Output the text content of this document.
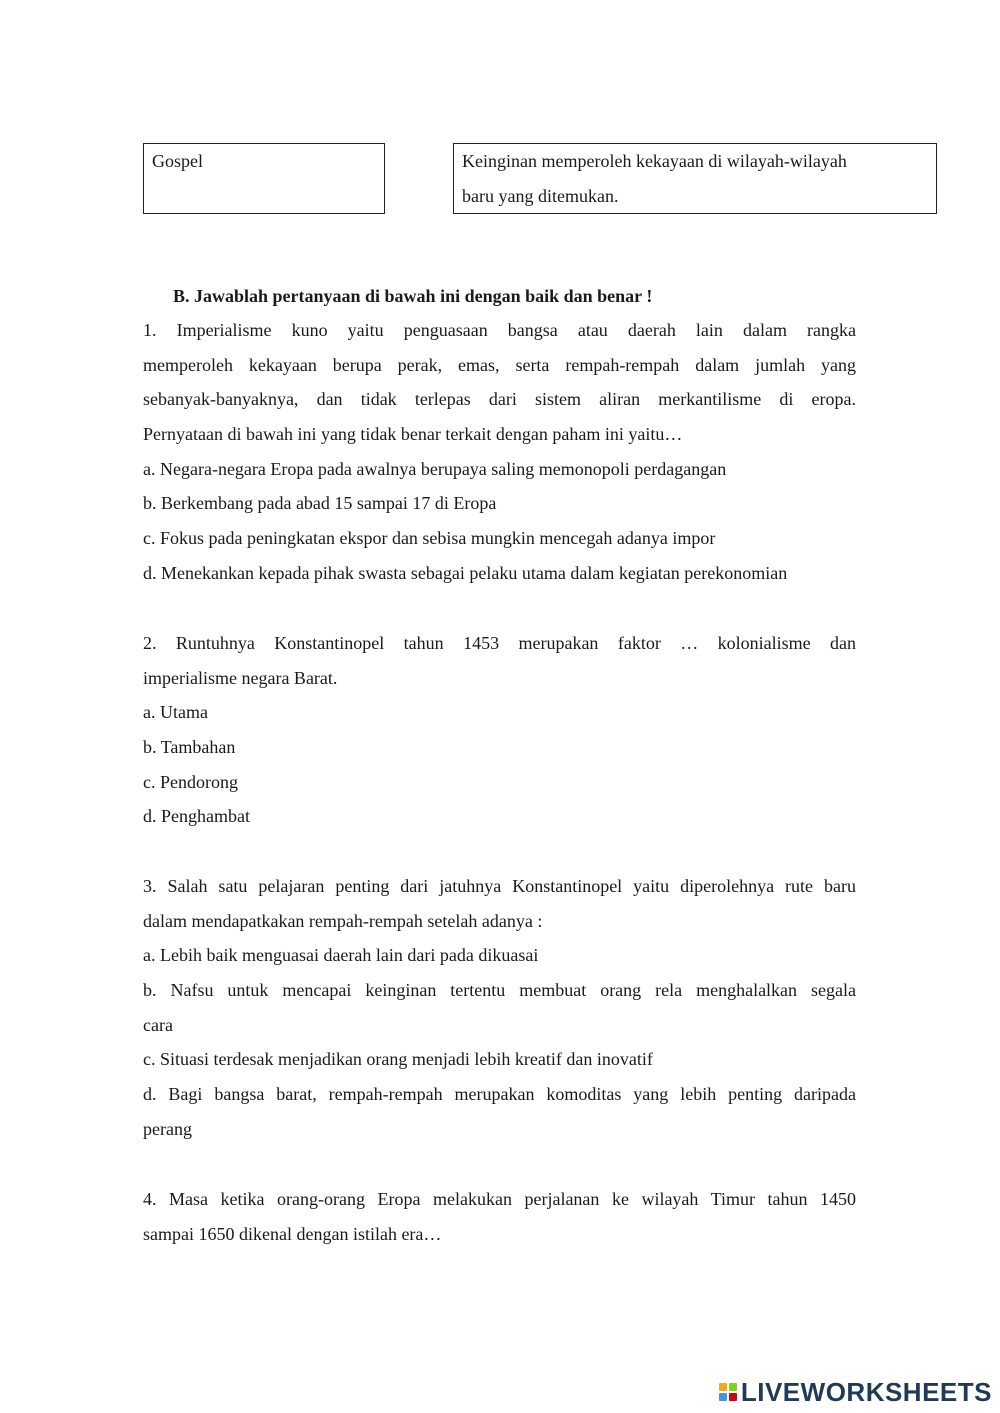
Gospel	Keinginan memperoleh kekayaan di wilayah-wilayah
baru yang ditemukan.
B. Jawablah pertanyaan di bawah ini dengan baik dan benar !
1. Imperialisme kuno yaitu penguasaan bangsa atau daerah lain dalam rangka
memperoleh kekayaan berupa perak, emas, serta rempah-rempah dalam jumlah yang
sebanyak-banyaknya, dan tidak terlepas dari sistem aliran merkantilisme di eropa.
Pernyataan di bawah ini yang tidak benar terkait dengan paham ini yaitu…
a. Negara-negara Eropa pada awalnya berupaya saling memonopoli perdagangan
b. Berkembang pada abad 15 sampai 17 di Eropa
c. Fokus pada peningkatan ekspor dan sebisa mungkin mencegah adanya impor
d. Menekankan kepada pihak swasta sebagai pelaku utama dalam kegiatan perekonomian
2. Runtuhnya Konstantinopel tahun 1453 merupakan faktor … kolonialisme dan
imperialisme negara Barat.
a. Utama
b. Tambahan
c. Pendorong
d. Penghambat
3. Salah satu pelajaran penting dari jatuhnya Konstantinopel yaitu diperolehnya rute baru
dalam mendapatkakan rempah-rempah setelah adanya :
a. Lebih baik menguasai daerah lain dari pada dikuasai
b. Nafsu untuk mencapai keinginan tertentu membuat orang rela menghalalkan segala
cara
c. Situasi terdesak menjadikan orang menjadi lebih kreatif dan inovatif
d. Bagi bangsa barat, rempah-rempah merupakan komoditas yang lebih penting daripada
perang
4. Masa ketika orang-orang Eropa melakukan perjalanan ke wilayah Timur tahun 1450
sampai 1650 dikenal dengan istilah era…
LIVEWORKSHEETS
